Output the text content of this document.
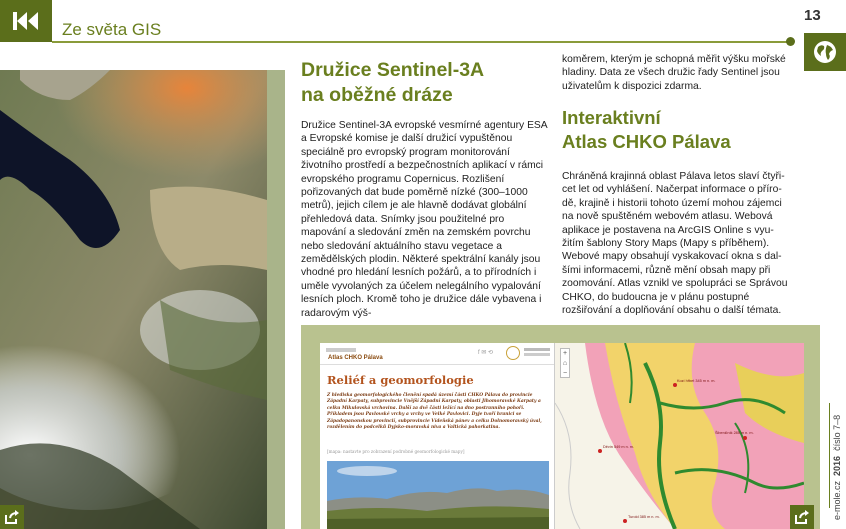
Ze světa GIS
13
Družice Sentinel-3A
na oběžné dráze

Družice Sentinel-3A evropské vesmírné agentury ESA a Evropské komise je další družicí vypuštěnou speciálně pro evropský program monitorování životního prostředí a bezpečnostních aplikací v rámci evropského programu Copernicus. Rozlišení pořizovaných dat bude poměrně nízké (300–1000 metrů), jejich cílem je ale hlavně dodávat globální přehledová data. Snímky jsou použitelné pro mapování a sledování změn na zemském povrchu nebo sledování aktuálního stavu vegetace a zemědělských plodin. Některé spektrální kanály jsou vhodné pro hledání lesních požárů, a to přírodních i uměle vyvolaných za účelem nelegálního vypalování lesních ploch. Kromě toho je družice dále vybavena i radarovým výš-

koměrem, kterým je schopná měřit výšku mořské hladiny. Data ze všech družic řady Sentinel jsou uživatelům k dispozici zdarma.

Interaktivní
Atlas CHKO Pálava

Chráněná krajinná oblast Pálava letos slaví čtyřicet let od vyhlášení. Načerpat informace o přírodě, krajině i historii tohoto území mohou zájemci na nově spuštěném webovém atlasu. Webová aplikace je postavena na ArcGIS Online s využitím šablony Story Maps (Mapy s příběhem). Webové mapy obsahují vyskakovací okna s dalšími informacemi, různě mění obsah mapy při zoomování. Atlas vznikl ve spolupráci se Správou CHKO, do budoucna je v plánu postupné rozšiřování a doplňování obsahu o další témata.

Atlas CHKO Pálava
f ✉ ⟲
Reliéf a geomorfologie
Z hlediska geomorfologického členění spadá území části CHKO Pálava do provincie Západní Karpaty, subprovincie Vnější Západní Karpaty, oblasti Jihomoravské Karpaty a celku Mikulovská vrchovina. Další za dvě části ležící na dno postranního pohoří. Příkladem jsou Pavlovské vrchy a vrchy ve Velké Pavlovici. Dyje tvoří hranici se Západopanonskou provincií, subprovincie Vídeňská pánev a celku Dolnomoravský úval, rozdělením do podcelků Dyjsko-moravská niva a Valtická pahorkatina.
[mapa: nastavte pro zobrazení podrobné geomorfologické mapy]
Kozí hřbet 345 m n. m.
Děvín 549 m n. m.
Turold 385 m n. m.
Šibeničník 285 m n. m.
+
⌂
−
e-mole.cz  2016  číslo 7–8
